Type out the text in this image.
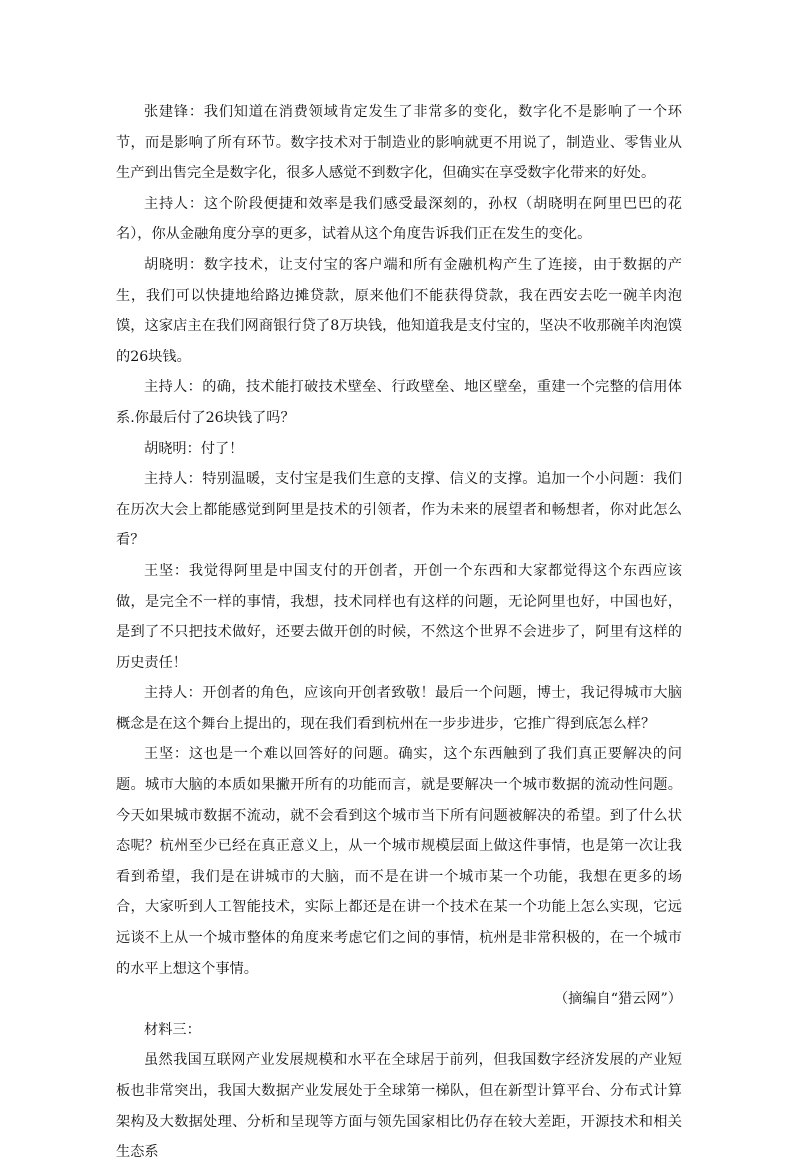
张建锋：我们知道在消费领域肯定发生了非常多的变化，数字化不是影响了一个环节，而是影响了所有环节。数字技术对于制造业的影响就更不用说了，制造业、零售业从生产到出售完全是数字化，很多人感觉不到数字化，但确实在享受数字化带来的好处。

主持人：这个阶段便捷和效率是我们感受最深刻的，孙权（胡晓明在阿里巴巴的花名），你从金融角度分享的更多，试着从这个角度告诉我们正在发生的变化。

胡晓明：数字技术，让支付宝的客户端和所有金融机构产生了连接，由于数据的产生，我们可以快捷地给路边摊贷款，原来他们不能获得贷款，我在西安去吃一碗羊肉泡馍，这家店主在我们网商银行贷了8万块钱，他知道我是支付宝的，坚决不收那碗羊肉泡馍的26块钱。

主持人：的确，技术能打破技术壁垒、行政壁垒、地区壁垒，重建一个完整的信用体系.你最后付了26块钱了吗？

胡晓明：付了！

主持人：特别温暖，支付宝是我们生意的支撑、信义的支撑。追加一个小问题：我们在历次大会上都能感觉到阿里是技术的引领者，作为未来的展望者和畅想者，你对此怎么看？

王坚：我觉得阿里是中国支付的开创者，开创一个东西和大家都觉得这个东西应该做，是完全不一样的事情，我想，技术同样也有这样的问题，无论阿里也好，中国也好，是到了不只把技术做好，还要去做开创的时候，不然这个世界不会进步了，阿里有这样的历史责任！

主持人：开创者的角色，应该向开创者致敬！最后一个问题，博士，我记得城市大脑概念是在这个舞台上提出的，现在我们看到杭州在一步步进步，它推广得到底怎么样？

王坚：这也是一个难以回答好的问题。确实，这个东西触到了我们真正要解决的问题。城市大脑的本质如果撇开所有的功能而言，就是要解决一个城市数据的流动性问题。今天如果城市数据不流动，就不会看到这个城市当下所有问题被解决的希望。到了什么状态呢？杭州至少已经在真正意义上，从一个城市规模层面上做这件事情，也是第一次让我看到希望，我们是在讲城市的大脑，而不是在讲一个城市某一个功能，我想在更多的场合，大家听到人工智能技术，实际上都还是在讲一个技术在某一个功能上怎么实现，它远远谈不上从一个城市整体的角度来考虑它们之间的事情，杭州是非常积极的，在一个城市的水平上想这个事情。

（摘编自“猎云网”）

材料三：

虽然我国互联网产业发展规模和水平在全球居于前列，但我国数字经济发展的产业短板也非常突出，我国大数据产业发展处于全球第一梯队，但在新型计算平台、分布式计算架构及大数据处理、分析和呈现等方面与领先国家相比仍存在较大差距，开源技术和相关生态系
